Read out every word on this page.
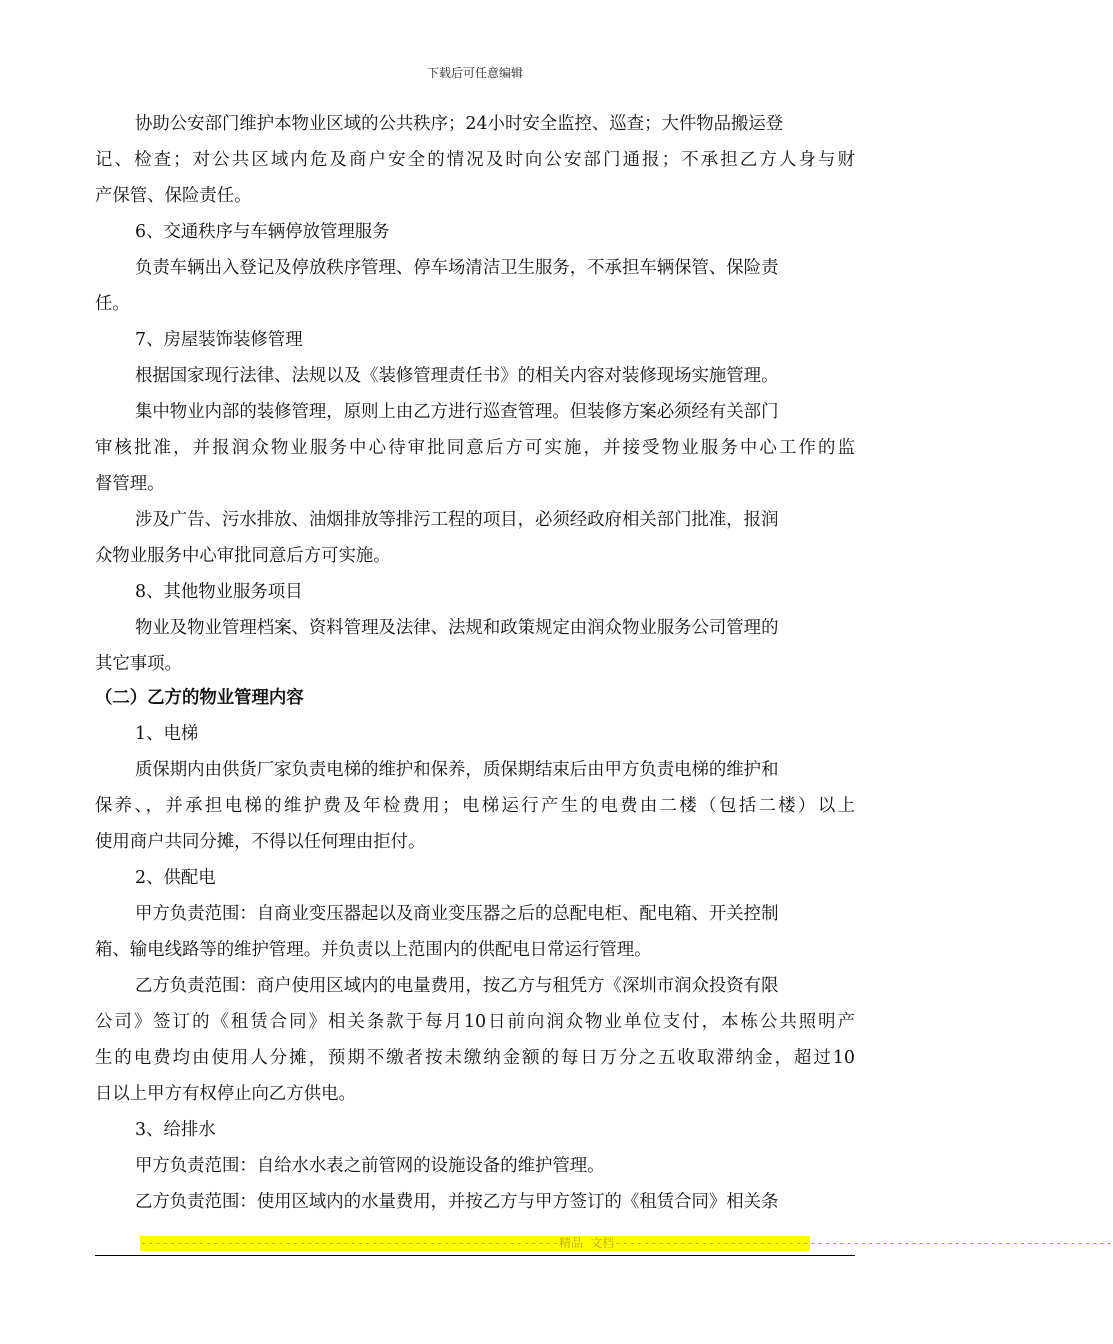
下载后可任意编辑
协助公安部门维护本物业区域的公共秩序；24小时安全监控、巡查；大件物品搬运登
记、检查；对公共区域内危及商户安全的情况及时向公安部门通报；不承担乙方人身与财
产保管、保险责任。
6、交通秩序与车辆停放管理服务
负责车辆出入登记及停放秩序管理、停车场清洁卫生服务，不承担车辆保管、保险责
任。
7、房屋装饰装修管理
根据国家现行法律、法规以及《装修管理责任书》的相关内容对装修现场实施管理。
集中物业内部的装修管理，原则上由乙方进行巡查管理。但装修方案必须经有关部门
审核批准，并报润众物业服务中心待审批同意后方可实施，并接受物业服务中心工作的监
督管理。
涉及广告、污水排放、油烟排放等排污工程的项目，必须经政府相关部门批准，报润
众物业服务中心审批同意后方可实施。
8、其他物业服务项目
物业及物业管理档案、资料管理及法律、法规和政策规定由润众物业服务公司管理的
其它事项。
（二）乙方的物业管理内容
1、电梯
质保期内由供货厂家负责电梯的维护和保养，质保期结束后由甲方负责电梯的维护和
保养、，并承担电梯的维护费及年检费用；电梯运行产生的电费由二楼（包括二楼）以上
使用商户共同分摊，不得以任何理由拒付。
2、供配电
甲方负责范围：自商业变压器起以及商业变压器之后的总配电柜、配电箱、开关控制
箱、输电线路等的维护管理。并负责以上范围内的供配电日常运行管理。
乙方负责范围：商户使用区域内的电量费用，按乙方与租凭方《深圳市润众投资有限
公司》签订的《租赁合同》相关条款于每月10日前向润众物业单位支付，本栋公共照明产
生的电费均由使用人分摊，预期不缴者按未缴纳金额的每日万分之五收取滞纳金，超过10
日以上甲方有权停止向乙方供电。
3、给排水
甲方负责范围：自给水水表之前管网的设施设备的维护管理。
乙方负责范围：使用区域内的水量费用，并按乙方与甲方签订的《租赁合同》相关条
----------------------------------------------------------精品 文档---------------------------------------------------------------------
